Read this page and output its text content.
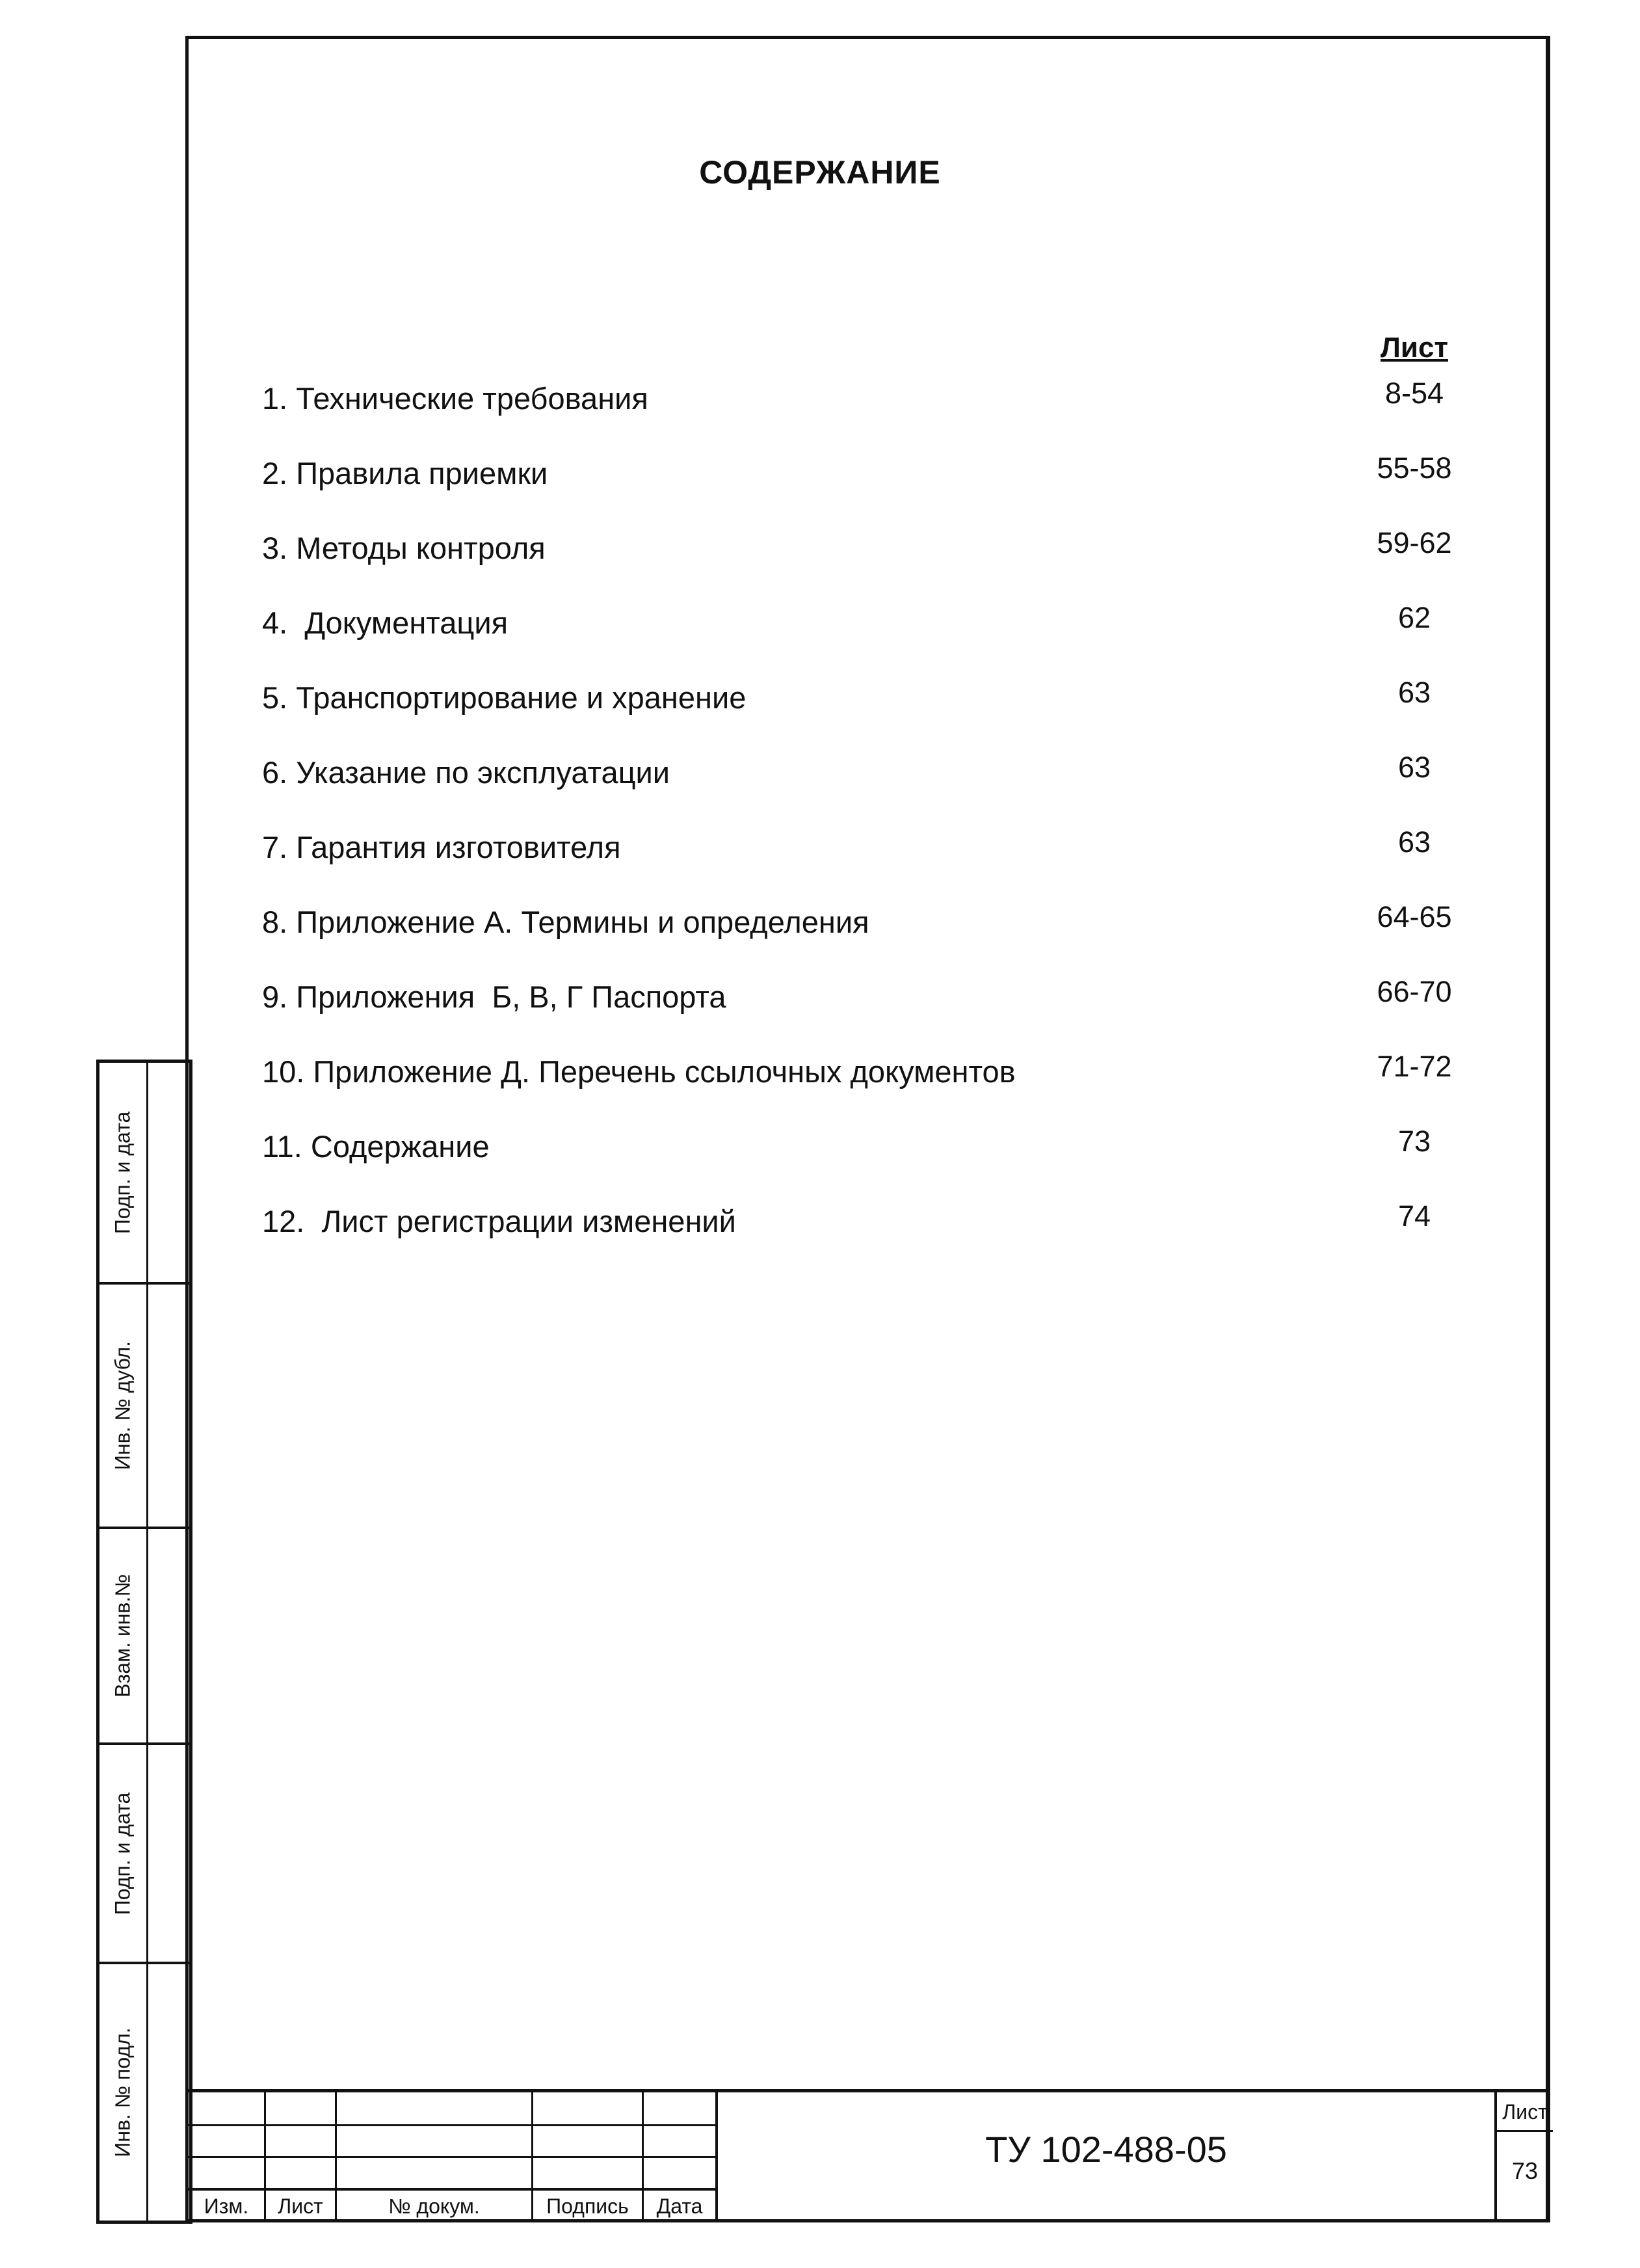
СОДЕРЖАНИЕ
Лист
1. Технические требования	8-54
2. Правила приемки	55-58
3. Методы контроля	59-62
4.  Документация	62
5. Транспортирование и хранение	63
6. Указание по эксплуатации	63
7. Гарантия изготовителя	63
8. Приложение А. Термины и определения	64-65
9. Приложения  Б, В, Г Паспорта	66-70
10. Приложение Д. Перечень ссылочных документов	71-72
11. Содержание	73
12.  Лист регистрации изменений	74
Подп. и дата
Инв. № дубл.
Взам. инв.№
Подп. и дата
Инв. № подл.
Изм.	Лист	№ докум.	Подпись	Дата
ТУ 102-488-05
Лист
73
